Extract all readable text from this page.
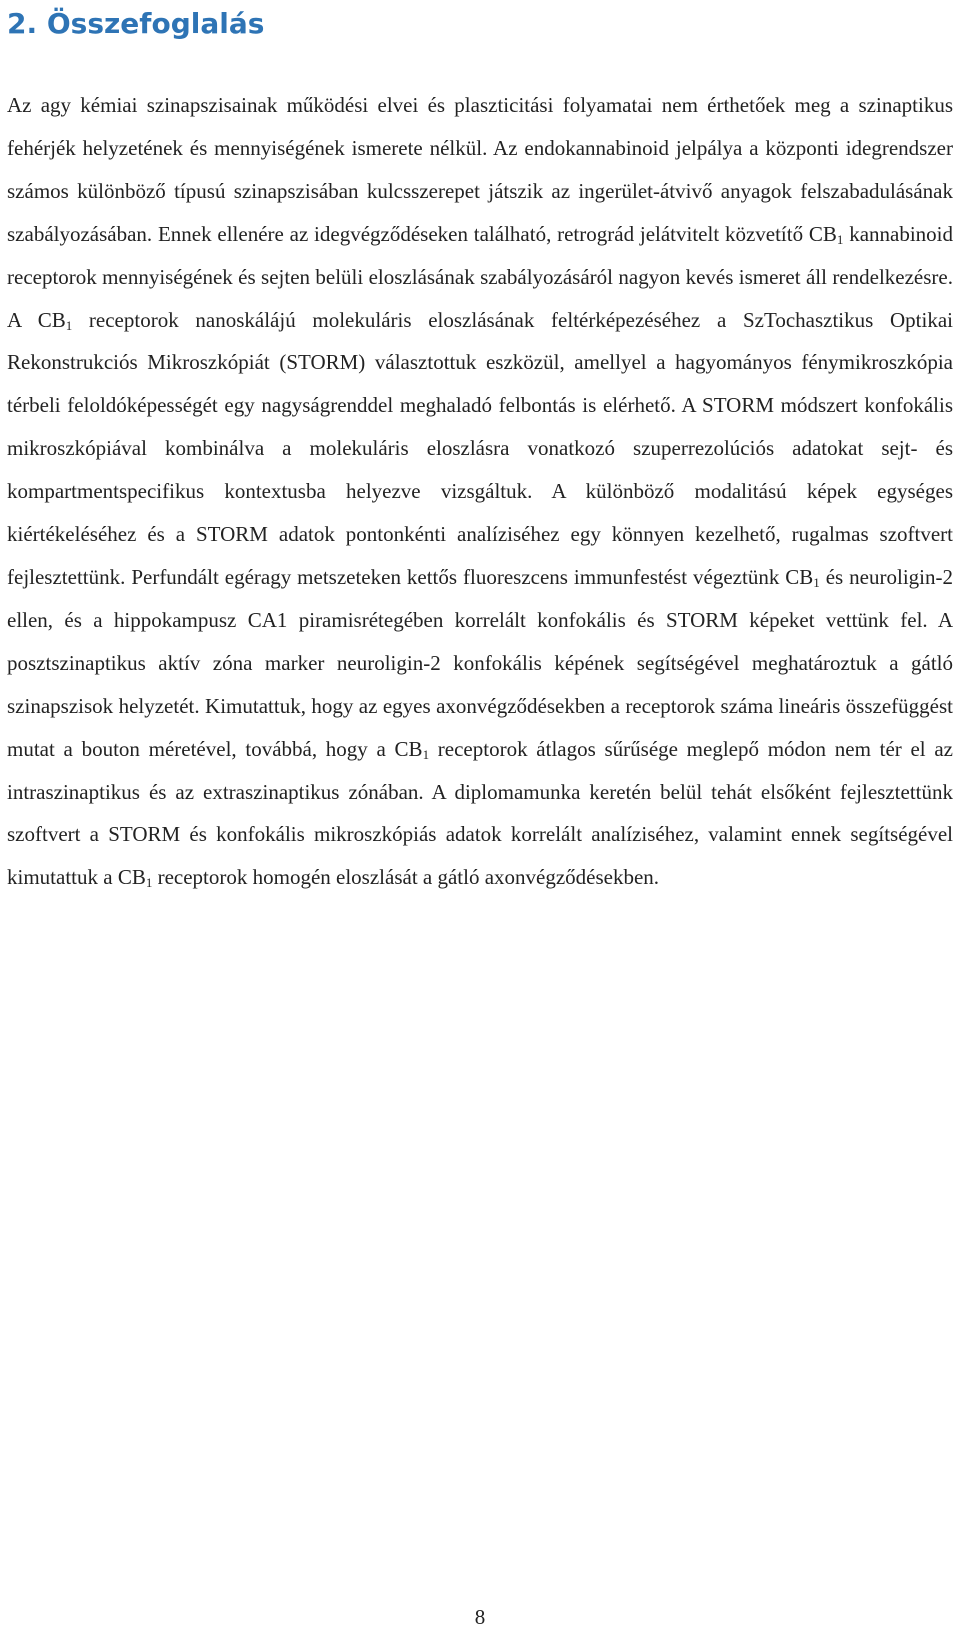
2. Összefoglalás

Az agy kémiai szinapszisainak működési elvei és plaszticitási folyamatai nem érthetőek meg a szinaptikus fehérjék helyzetének és mennyiségének ismerete nélkül. Az endokannabinoid jelpálya a központi idegrendszer számos különböző típusú szinapszisában kulcsszerepet játszik az ingerület-átvivő anyagok felszabadulásának szabályozásában. Ennek ellenére az idegvégződéseken található, retrográd jelátvitelt közvetítő $CB_1$ kannabinoid receptorok mennyiségének és sejten belüli eloszlásának szabályozásáról nagyon kevés ismeret áll rendelkezésre. A $CB_1$ receptorok nanoskálájú molekuláris eloszlásának feltérképezéséhez a SzTochasztikus Optikai Rekonstrukciós Mikroszkópiát (STORM) választottuk eszközül, amellyel a hagyományos fénymikroszkópia térbeli feloldóképességét egy nagyságrenddel meghaladó felbontás is elérhető. A STORM módszert konfokális mikroszkópiával kombinálva a molekuláris eloszlásra vonatkozó szuperrezolúciós adatokat sejt- és kompartmentspecifikus kontextusba helyezve vizsgáltuk. A különböző modalitású képek egységes kiértékeléséhez és a STORM adatok pontonkénti analíziséhez egy könnyen kezelhető, rugalmas szoftvert fejlesztettünk. Perfundált egéragy metszeteken kettős fluoreszcens immunfestést végeztünk $CB_1$ és neuroligin-2 ellen, és a hippokampusz CA1 piramisrétegében korrelált konfokális és STORM képeket vettünk fel. A posztszinaptikus aktív zóna marker neuroligin-2 konfokális képének segítségével meghatároztuk a gátló szinapszisok helyzetét. Kimutattuk, hogy az egyes axonvégződésekben a receptorok száma lineáris összefüggést mutat a bouton méretével, továbbá, hogy a $CB_1$ receptorok átlagos sűrűsége meglepő módon nem tér el az intraszinaptikus és az extraszinaptikus zónában. A diplomamunka keretén belül tehát elsőként fejlesztettünk szoftvert a STORM és konfokális mikroszkópiás adatok korrelált analíziséhez, valamint ennek segítségével kimutattuk a $CB_1$ receptorok homogén eloszlását a gátló axonvégződésekben.

8
